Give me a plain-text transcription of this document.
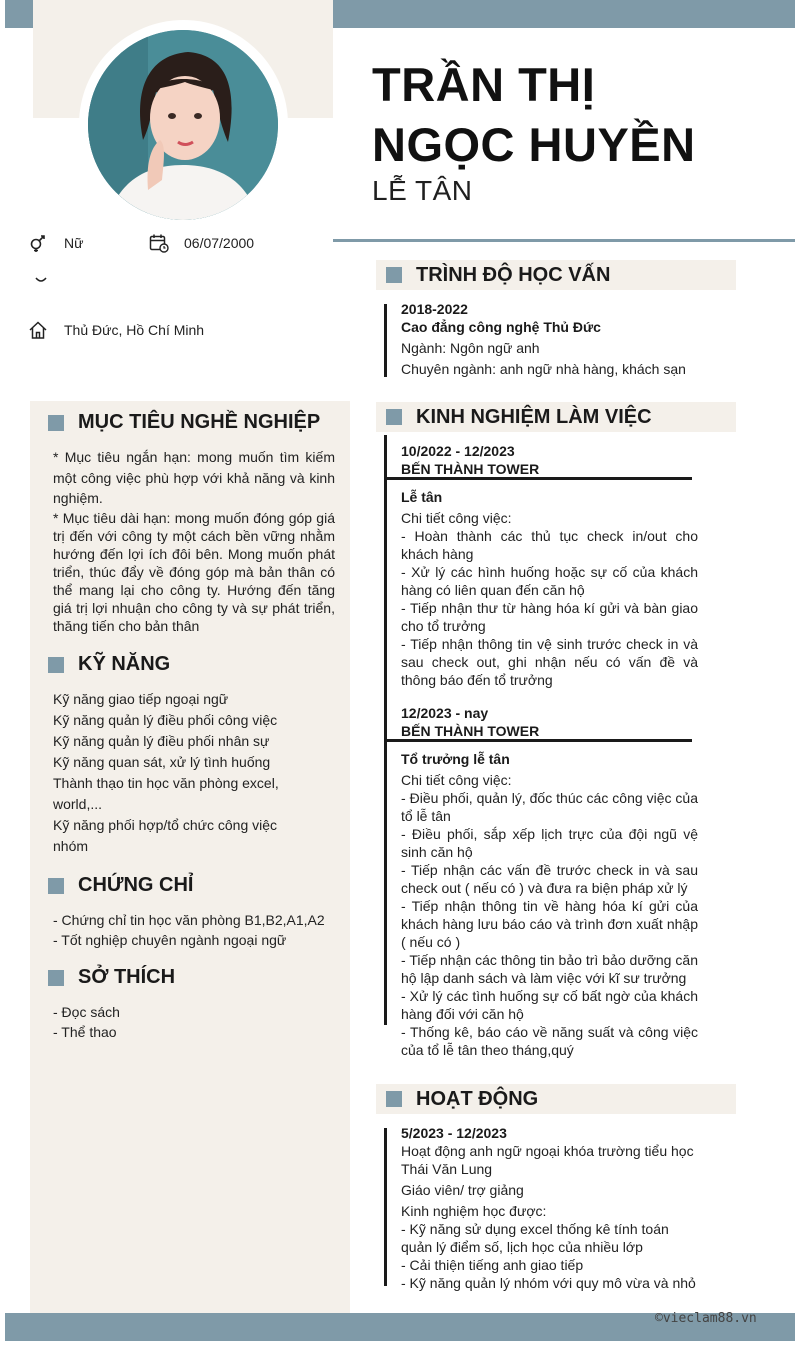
TRẦN THỊ
NGỌC HUYỀN
LỄ TÂN
Nữ	06/07/2000
Thủ Đức, Hồ Chí Minh
MỤC TIÊU NGHỀ NGHIỆP
* Mục tiêu ngắn hạn: mong muốn tìm kiếm một công việc phù hợp với khả năng và kinh nghiệm.
* Mục tiêu dài hạn: mong muốn đóng góp giá trị đến với công ty một cách bền vững nhằm hướng đến lợi ích đôi bên. Mong muốn phát triển, thúc đẩy về đóng góp mà bản thân có thể mang lại cho công ty. Hướng đến tăng giá trị lợi nhuận cho công ty và sự phát triển, thăng tiến cho bản thân
KỸ NĂNG
Kỹ năng giao tiếp ngoại ngữ
Kỹ năng quản lý điều phối công việc
Kỹ năng quản lý điều phối nhân sự
Kỹ năng quan sát, xử lý tình huống
Thành thạo tin học văn phòng excel, world,...
Kỹ năng phối hợp/tổ chức công việc nhóm
CHỨNG CHỈ
- Chứng chỉ tin học văn phòng B1,B2,A1,A2
- Tốt nghiệp chuyên ngành ngoại ngữ
SỞ THÍCH
- Đọc sách
- Thể thao
TRÌNH ĐỘ HỌC VẤN
2018-2022
Cao đẳng công nghệ Thủ Đức
Ngành: Ngôn ngữ anh
Chuyên ngành: anh ngữ nhà hàng, khách sạn
KINH NGHIỆM LÀM VIỆC
10/2022 - 12/2023
BẾN THÀNH TOWER
Lễ tân
Chi tiết công việc:
- Hoàn thành các thủ tục check in/out cho khách hàng
- Xử lý các hình huống hoặc sự cố của khách hàng có liên quan đến căn hộ
- Tiếp nhận thư từ hàng hóa kí gửi và bàn giao cho tổ trưởng
- Tiếp nhận thông tin vệ sinh trước check in và sau check out, ghi nhận nếu có vấn đề và thông báo đến tổ trưởng
12/2023 - nay
BẾN THÀNH TOWER
Tổ trưởng lễ tân
Chi tiết công việc:
- Điều phối, quản lý, đốc thúc các công việc của tổ lễ tân
- Điều phối, sắp xếp lịch trực của đội ngũ vệ sinh căn hộ
- Tiếp nhận các vấn đề trước check in và sau check out ( nếu có ) và đưa ra biện pháp xử lý
- Tiếp nhận thông tin về hàng hóa kí gửi của khách hàng lưu báo cáo và trình đơn xuất nhập ( nếu có )
- Tiếp nhận các thông tin bảo trì bảo dưỡng căn hộ lập danh sách và làm việc với kĩ sư trưởng
- Xử lý các tình huống sự cố bất ngờ của khách hàng đối với căn hộ
- Thống kê, báo cáo về năng suất và công việc của tổ lễ tân theo tháng,quý
HOẠT ĐỘNG
5/2023 - 12/2023
Hoạt động anh ngữ ngoại khóa trường tiểu học Thái Văn Lung
Giáo viên/ trợ giảng
Kinh nghiệm học được:
- Kỹ năng sử dụng excel thống kê tính toán quản lý điểm số, lịch học của nhiều lớp
- Cải thiện tiếng anh giao tiếp
- Kỹ năng quản lý nhóm với quy mô vừa và nhỏ
©vieclam88.vn
